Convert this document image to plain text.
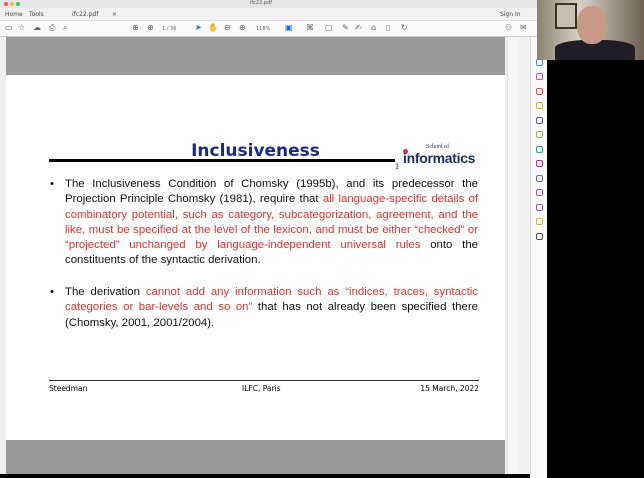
ifc22.pdf
Home Tools	ifc22.pdf ×	Sign In
▭ ☆ ☁ ⎙ ⌕	⊕ ⊕ 1 / 36 ➤ ✋ ⊖ ⊕ 118% ▣ ⌘ ▢ ✎ ✍ ⌂ ▯ ↻	⚇ ✉
1
School of
informatics
Inclusiveness
• The Inclusiveness Condition of Chomsky (1995b), and its predecessor the Projection Principle Chomsky (1981), require that all language-specific details of combinatory potential, such as category, subcategorization, agreement, and the like, must be specified at the level of the lexicon, and must be either “checked” or “projected” unchanged by language-independent universal rules onto the constituents of the syntactic derivation.

• The derivation cannot add any information such as “indices, traces, syntactic categories or bar-levels and so on” that has not already been specified there (Chomsky, 2001, 2001/2004).

Steedman	ILFC, Paris	15 March, 2022
